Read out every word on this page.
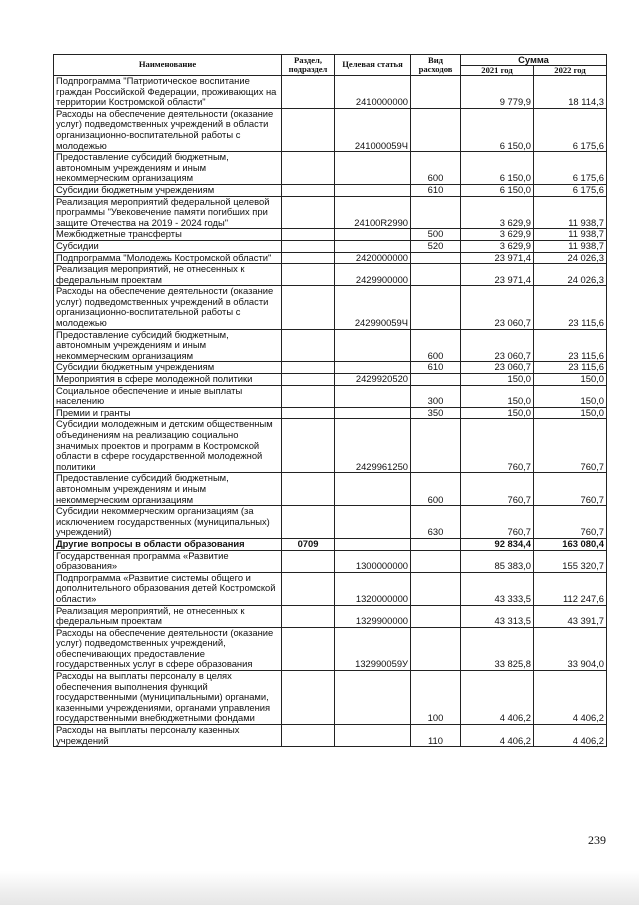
Наименование	Раздел, подраздел	Целевая статья	Вид расходов	Сумма	
				2021 год	2022 год
Подпрограмма "Патриотическое воспитание граждан Российской Федерации, проживающих на территории Костромской области"		2410000000		9 779,9	18 114,3
Расходы на обеспечение деятельности (оказание услуг) подведомственных учреждений в области организационно-воспитательной работы с молодежью		241000059Ч		6 150,0	6 175,6
Предоставление субсидий бюджетным, автономным учреждениям и иным некоммерческим организациям			600	6 150,0	6 175,6
Субсидии бюджетным учреждениям			610	6 150,0	6 175,6
Реализация мероприятий федеральной целевой программы "Увековечение памяти погибших при защите Отечества на 2019 - 2024 годы"		24100R2990		3 629,9	11 938,7
Межбюджетные трансферты			500	3 629,9	11 938,7
Субсидии			520	3 629,9	11 938,7
Подпрограмма "Молодежь Костромской области"		2420000000		23 971,4	24 026,3
Реализация мероприятий, не отнесенных к федеральным проектам		2429900000		23 971,4	24 026,3
Расходы на обеспечение деятельности (оказание услуг) подведомственных учреждений в области организационно-воспитательной работы с молодежью		242990059Ч		23 060,7	23 115,6
Предоставление субсидий бюджетным, автономным учреждениям и иным некоммерческим организациям			600	23 060,7	23 115,6
Субсидии бюджетным учреждениям			610	23 060,7	23 115,6
Мероприятия в сфере молодежной политики		2429920520		150,0	150,0
Социальное обеспечение и иные выплаты населению			300	150,0	150,0
Премии и гранты			350	150,0	150,0
Субсидии молодежным и детским общественным объединениям на реализацию социально значимых проектов и программ в Костромской области в сфере государственной молодежной политики		2429961250		760,7	760,7
Предоставление субсидий бюджетным, автономным учреждениям и иным некоммерческим организациям			600	760,7	760,7
Субсидии некоммерческим организациям (за исключением государственных (муниципальных) учреждений)			630	760,7	760,7
Другие вопросы в области образования	0709			92 834,4	163 080,4
Государственная программа «Развитие образования»		1300000000		85 383,0	155 320,7
Подпрограмма «Развитие системы общего и дополнительного образования детей Костромской области»		1320000000		43 333,5	112 247,6
Реализация мероприятий, не отнесенных к федеральным проектам		1329900000		43 313,5	43 391,7
Расходы на обеспечение деятельности (оказание услуг) подведомственных учреждений, обеспечивающих предоставление государственных услуг в сфере образования		132990059У		33 825,8	33 904,0
Расходы на выплаты персоналу в целях обеспечения выполнения функций государственными (муниципальными) органами, казенными учреждениями, органами управления государственными внебюджетными фондами			100	4 406,2	4 406,2
Расходы на выплаты персоналу казенных учреждений			110	4 406,2	4 406,2
239
